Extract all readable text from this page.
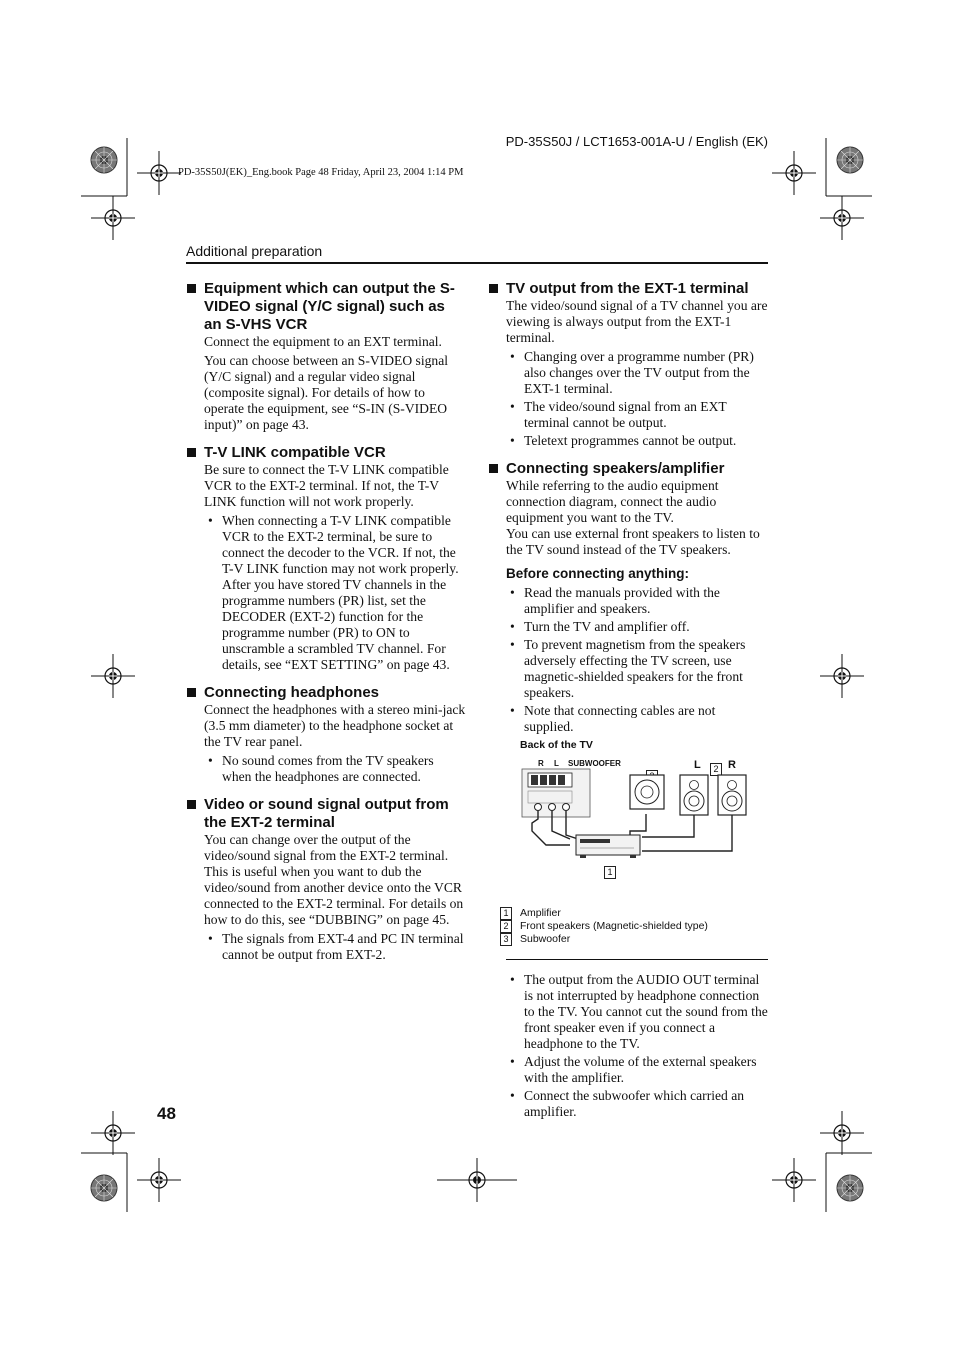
PD-35S50J / LCT1653-001A-U / English (EK)
PD-35S50J(EK)_Eng.book Page 48 Friday, April 23, 2004 1:14 PM
Additional preparation
Equipment which can output the S-VIDEO signal (Y/C signal) such as an S-VHS VCR

Connect the equipment to an EXT terminal.

You can choose between an S-VIDEO signal (Y/C signal) and a regular video signal (composite signal). For details of how to operate the equipment, see “S-IN (S-VIDEO input)” on page 43.

T-V LINK compatible VCR

Be sure to connect the T-V LINK compatible VCR to the EXT-2 terminal. If not, the T-V LINK function will not work properly.

• When connecting a T-V LINK compatible VCR to the EXT-2 terminal, be sure to connect the decoder to the VCR. If not, the T-V LINK function may not work properly. After you have stored TV channels in the programme numbers (PR) list, set the DECODER (EXT-2) function for the programme number (PR) to ON to unscramble a scrambled TV channel. For details, see “EXT SETTING” on page 43.
Connecting headphones

Connect the headphones with a stereo mini-jack (3.5 mm diameter) to the headphone socket at the TV rear panel.

• No sound comes from the TV speakers when the headphones are connected.
Video or sound signal output from the EXT-2 terminal

You can change over the output of the video/sound signal from the EXT-2 terminal. This is useful when you want to dub the video/sound from another device onto the VCR connected to the EXT-2 terminal. For details on how to do this, see “DUBBING” on page 45.

• The signals from EXT-4 and PC IN terminal cannot be output from EXT-2.
TV output from the EXT-1 terminal

The video/sound signal of a TV channel you are viewing is always output from the EXT-1 terminal.

• Changing over a programme number (PR) also changes over the TV output from the EXT-1 terminal.
• The video/sound signal from an EXT terminal cannot be output.
• Teletext programmes cannot be output.
Connecting speakers/amplifier

While referring to the audio equipment connection diagram, connect the audio equipment you want to the TV.

You can use external front speakers to listen to the TV sound instead of the TV speakers.

Before connecting anything:
• Read the manuals provided with the amplifier and speakers.
• Turn the TV and amplifier off.
• To prevent magnetism from the speakers adversely effecting the TV screen, use magnetic-shielded speakers for the front speakers.
• Note that connecting cables are not supplied.
Back of the TV
R L SUBWOOFER	L R
2
1
1	Amplifier
2	Front speakers (Magnetic-shielded type)
3	Subwoofer
• The output from the AUDIO OUT terminal is not interrupted by headphone connection to the TV. You cannot cut the sound from the front speaker even if you connect a headphone to the TV.
• Adjust the volume of the external speakers with the amplifier.
• Connect the subwoofer which carried an amplifier.
48
